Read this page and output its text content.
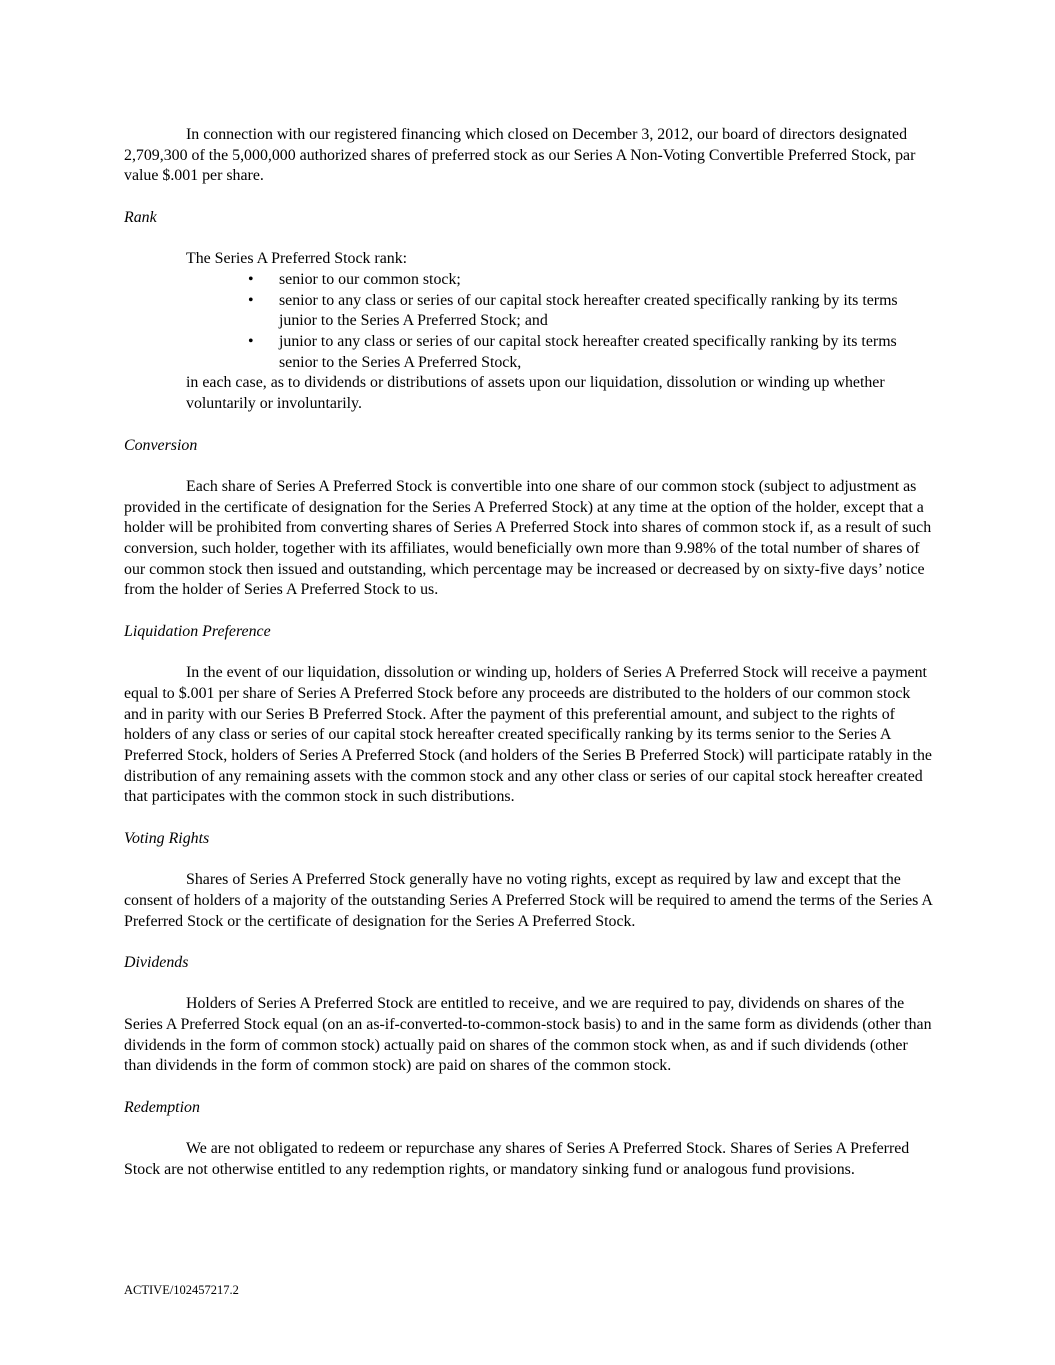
In connection with our registered financing which closed on December 3, 2012, our board of directors designated 2,709,300 of the 5,000,000 authorized shares of preferred stock as our Series A Non-Voting Convertible Preferred Stock, par value $.001 per share.

Rank

The Series A Preferred Stock rank:

• senior to our common stock;
• senior to any class or series of our capital stock hereafter created specifically ranking by its terms junior to the Series A Preferred Stock; and
• junior to any class or series of our capital stock hereafter created specifically ranking by its terms senior to the Series A Preferred Stock,

in each case, as to dividends or distributions of assets upon our liquidation, dissolution or winding up whether voluntarily or involuntarily.

Conversion

Each share of Series A Preferred Stock is convertible into one share of our common stock (subject to adjustment as provided in the certificate of designation for the Series A Preferred Stock) at any time at the option of the holder, except that a holder will be prohibited from converting shares of Series A Preferred Stock into shares of common stock if, as a result of such conversion, such holder, together with its affiliates, would beneficially own more than 9.98% of the total number of shares of our common stock then issued and outstanding, which percentage may be increased or decreased by on sixty-five days’ notice from the holder of Series A Preferred Stock to us.

Liquidation Preference

In the event of our liquidation, dissolution or winding up, holders of Series A Preferred Stock will receive a payment equal to $.001 per share of Series A Preferred Stock before any proceeds are distributed to the holders of our common stock and in parity with our Series B Preferred Stock. After the payment of this preferential amount, and subject to the rights of holders of any class or series of our capital stock hereafter created specifically ranking by its terms senior to the Series A Preferred Stock, holders of Series A Preferred Stock (and holders of the Series B Preferred Stock) will participate ratably in the distribution of any remaining assets with the common stock and any other class or series of our capital stock hereafter created that participates with the common stock in such distributions.

Voting Rights

Shares of Series A Preferred Stock generally have no voting rights, except as required by law and except that the consent of holders of a majority of the outstanding Series A Preferred Stock will be required to amend the terms of the Series A Preferred Stock or the certificate of designation for the Series A Preferred Stock.

Dividends

Holders of Series A Preferred Stock are entitled to receive, and we are required to pay, dividends on shares of the Series A Preferred Stock equal (on an as-if-converted-to-common-stock basis) to and in the same form as dividends (other than dividends in the form of common stock) actually paid on shares of the common stock when, as and if such dividends (other than dividends in the form of common stock) are paid on shares of the common stock.

Redemption

We are not obligated to redeem or repurchase any shares of Series A Preferred Stock. Shares of Series A Preferred Stock are not otherwise entitled to any redemption rights, or mandatory sinking fund or analogous fund provisions.

ACTIVE/102457217.2
